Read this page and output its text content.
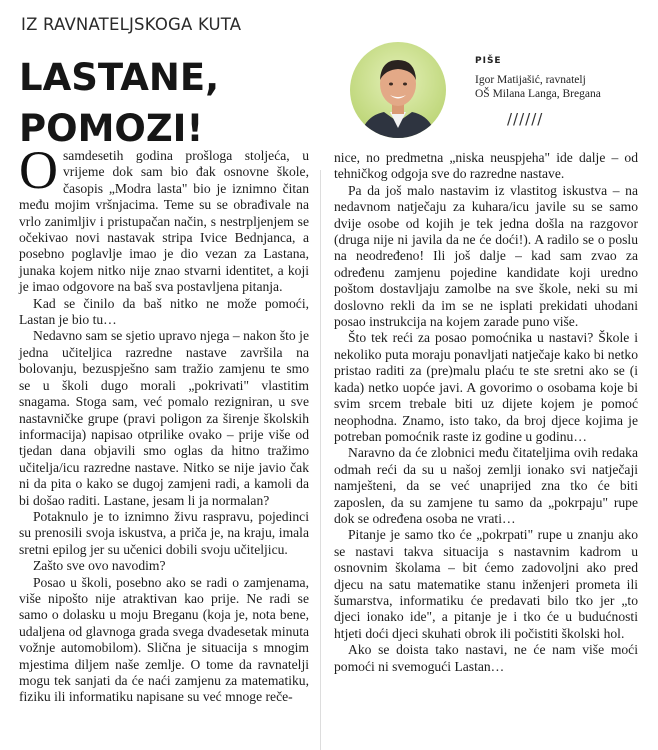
IZ RAVNATELJSKOGA KUTA
LASTANE,
POMOZI!
PIŠE
Igor Matijašić, ravnatelj
OŠ Milana Langa, Bregana
//////

Osamdesetih godina prošloga stoljeća, u vrijeme dok sam bio đak osnovne škole, časopis „Modra lasta" bio je iznimno čitan među mojim vršnjacima. Teme su se obrađivale na vrlo zanimljiv i pristupačan način, s nestrpljenjem se očekivao novi nastavak stripa Ivice Bednjanca, a posebno poglavlje imao je dio vezan za Lastana, junaka kojem nitko nije znao stvarni identitet, a koji je imao odgovore na baš sva postavljena pitanja.

Kad se činilo da baš nitko ne može pomoći, Lastan je bio tu…

Nedavno sam se sjetio upravo njega – nakon što je jedna učiteljica razredne nastave završila na bolovanju, bezuspješno sam tražio zamjenu te smo se u školi dugo morali „pokrivati" vlastitim snagama. Stoga sam, već pomalo rezigniran, u sve nastavničke grupe (pravi poligon za širenje školskih informacija) napisao otprilike ovako – prije više od tjedan dana objavili smo oglas da hitno tražimo učitelja/icu razredne nastave. Nitko se nije javio čak ni da pita o kako se dugoj zamjeni radi, a kamoli da bi došao raditi. Lastane, jesam li ja normalan?

Potaknulo je to iznimno živu raspravu, pojedinci su prenosili svoja iskustva, a priča je, na kraju, imala sretni epilog jer su učenici dobili svoju učiteljicu.

Zašto sve ovo navodim?

Posao u školi, posebno ako se radi o zamjenama, više nipošto nije atraktivan kao prije. Ne radi se samo o dolasku u moju Breganu (koja je, nota bene, udaljena od glavnoga grada svega dvadesetak minuta vožnje automobilom). Slična je situacija s mnogim mjestima diljem naše zemlje. O tome da ravnatelji mogu tek sanjati da će naći zamjenu za matematiku, fiziku ili informatiku napisane su već mnoge reče-

nice, no predmetna „niska neuspjeha" ide dalje – od tehničkog odgoja sve do razredne nastave.

Pa da još malo nastavim iz vlastitog iskustva – na nedavnom natječaju za kuhara/icu javile su se samo dvije osobe od kojih je tek jedna došla na razgovor (druga nije ni javila da ne će doći!). A radilo se o poslu na neodređeno! Ili još dalje – kad sam zvao za određenu zamjenu pojedine kandidate koji uredno poštom dostavljaju zamolbe na sve škole, neki su mi doslovno rekli da im se ne isplati prekidati uhodani posao instrukcija na kojem zarade puno više.

Što tek reći za posao pomoćnika u nastavi? Škole i nekoliko puta moraju ponavljati natječaje kako bi netko pristao raditi za (pre)malu plaću te ste sretni ako se (i kada) netko uopće javi. A govorimo o osobama koje bi svim srcem trebale biti uz dijete kojem je pomoć neophodna. Znamo, isto tako, da broj djece kojima je potreban pomoćnik raste iz godine u godinu…

Naravno da će zlobnici među čitateljima ovih redaka odmah reći da su u našoj zemlji ionako svi natječaji namješteni, da se već unaprijed zna tko će biti zaposlen, da su zamjene tu samo da „pokrpaju" rupe dok se određena osoba ne vrati…

Pitanje je samo tko će „pokrpati" rupe u znanju ako se nastavi takva situacija s nastavnim kadrom u osnovnim školama – bit ćemo zadovoljni ako pred djecu na satu matematike stanu inženjeri prometa ili šumarstva, informatiku će predavati bilo tko jer „to djeci ionako ide", a pitanje je i tko će u budućnosti htjeti doći djeci skuhati obrok ili počistiti školski hol.

Ako se doista tako nastavi, ne će nam više moći pomoći ni svemogući Lastan…
